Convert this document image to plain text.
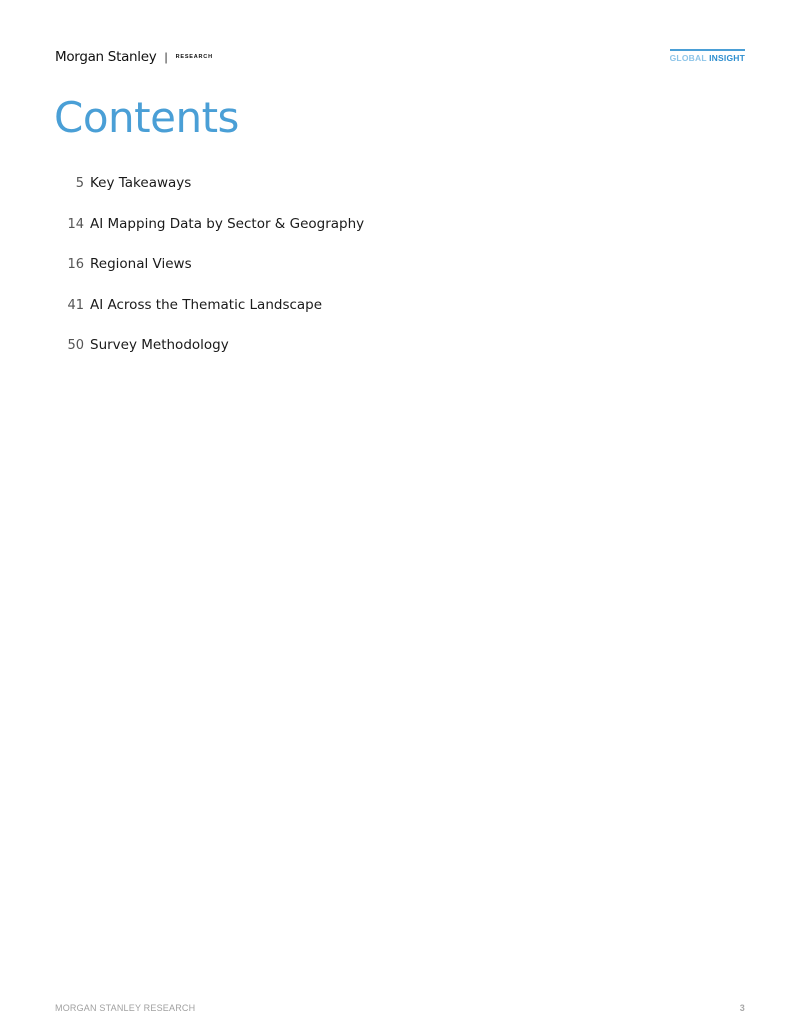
Morgan Stanley | RESEARCH	GLOBAL INSIGHT
Contents
5 Key Takeaways
14 AI Mapping Data by Sector & Geography
16 Regional Views
41 AI Across the Thematic Landscape
50 Survey Methodology
MORGAN STANLEY RESEARCH	3
